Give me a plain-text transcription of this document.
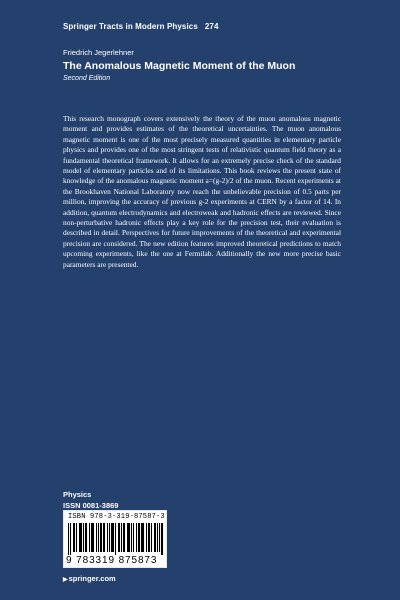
Springer Tracts in Modern Physics   274
Friedrich Jegerlehner
The Anomalous Magnetic Moment of the Muon
Second Edition
This research monograph covers extensively the theory of the muon anomalous magnetic moment and provides estimates of the theoretical uncertainties. The muon anomalous magnetic moment is one of the most precisely measured quantities in elementary particle physics and provides one of the most stringent tests of relativistic quantum field theory as a fundamental theoretical framework. It allows for an extremely precise check of the standard model of elementary particles and of its limitations. This book reviews the present state of knowledge of the anomalous magnetic moment a=(g-2)/2 of the muon. Recent experiments at the Brookhaven National Laboratory now reach the unbelievable precision of 0.5 parts per million, improving the accuracy of previous g-2 experiments at CERN by a factor of 14. In addition, quantum electrodynamics and electroweak and hadronic effects are reviewed. Since non-perturbative hadronic effects play a key role for the precision test, their evaluation is described in detail. Perspectives for future improvements of the theoretical and experimental precision are considered. The new edition features improved theoretical predictions to match upcoming experiments, like the one at Fermilab. Additionally the new more precise basic parameters are presented.
Physics
ISSN 0081-3869
ISBN 978-3-319-87587-3
9 783319 875873
▶springer.com
